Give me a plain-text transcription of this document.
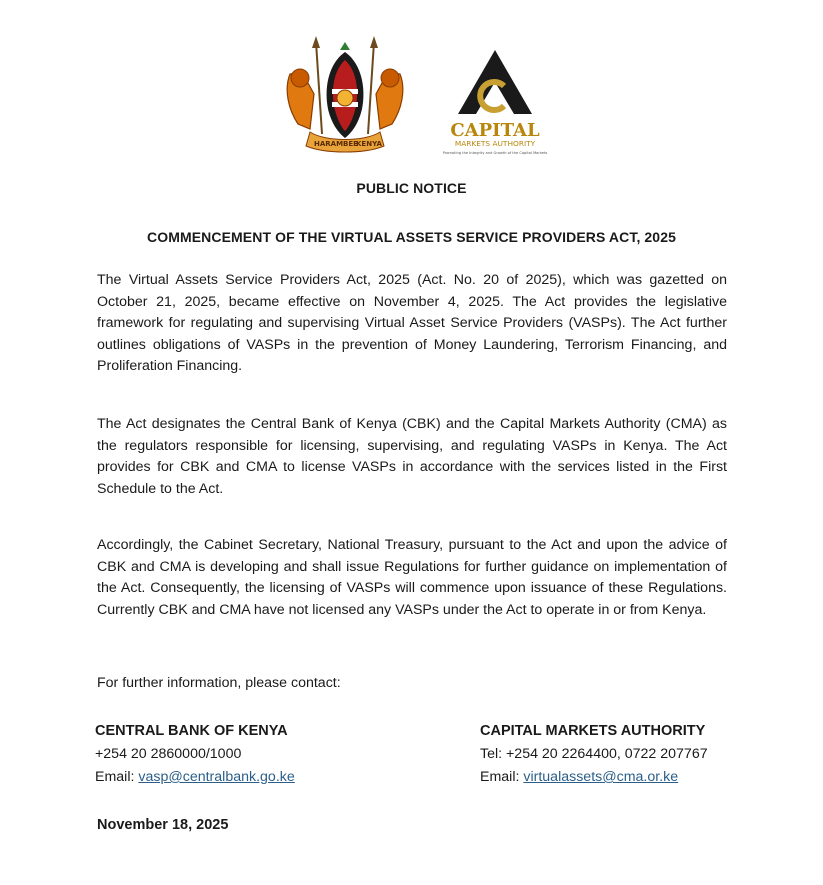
HARAMBEE
KENYA
CAPITAL
MARKETS AUTHORITY
Promoting the Integrity and Growth of the Capital Markets
PUBLIC NOTICE
COMMENCEMENT OF THE VIRTUAL ASSETS SERVICE PROVIDERS ACT, 2025

The Virtual Assets Service Providers Act, 2025 (Act. No. 20 of 2025), which was gazetted on October 21, 2025, became effective on November 4, 2025. The Act provides the legislative framework for regulating and supervising Virtual Asset Service Providers (VASPs). The Act further outlines obligations of VASPs in the prevention of Money Laundering, Terrorism Financing, and Proliferation Financing.

The Act designates the Central Bank of Kenya (CBK) and the Capital Markets Authority (CMA) as the regulators responsible for licensing, supervising, and regulating VASPs in Kenya. The Act provides for CBK and CMA to license VASPs in accordance with the services listed in the First Schedule to the Act.

Accordingly, the Cabinet Secretary, National Treasury, pursuant to the Act and upon the advice of CBK and CMA is developing and shall issue Regulations for further guidance on implementation of the Act. Consequently, the licensing of VASPs will commence upon issuance of these Regulations. Currently CBK and CMA have not licensed any VASPs under the Act to operate in or from Kenya.

For further information, please contact:
CENTRAL BANK OF KENYA
+254 20 2860000/1000
Email: vasp@centralbank.go.ke
CAPITAL MARKETS AUTHORITY
Tel: +254 20 2264400, 0722 207767
Email: virtualassets@cma.or.ke
November 18, 2025
